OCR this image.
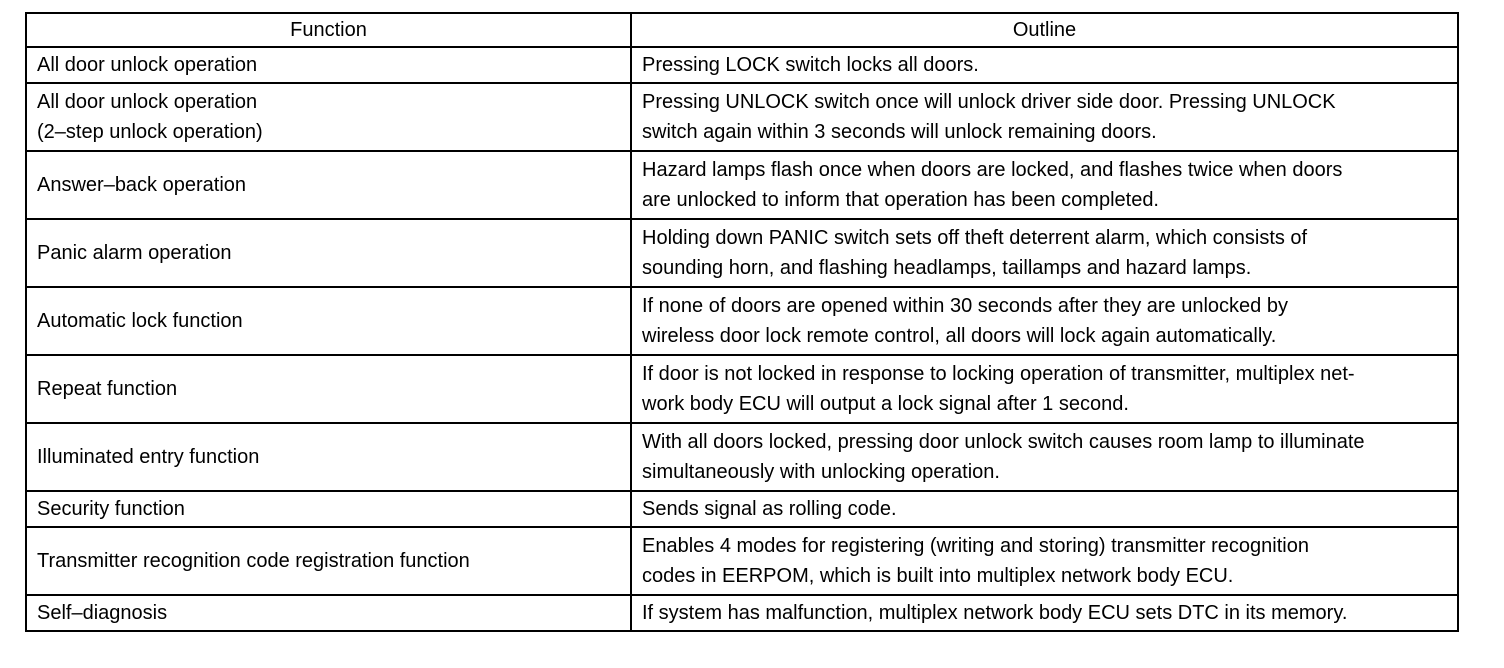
Function	Outline
All door unlock operation	Pressing LOCK switch locks all doors.
All door unlock operation
(2–step unlock operation)	Pressing UNLOCK switch once will unlock driver side door. Pressing UNLOCK
switch again within 3 seconds will unlock remaining doors.
Answer–back operation	Hazard lamps flash once when doors are locked, and flashes twice when doors
are unlocked to inform that operation has been completed.
Panic alarm operation	Holding down PANIC switch sets off theft deterrent alarm, which consists of
sounding horn, and flashing headlamps, taillamps and hazard lamps.
Automatic lock function	If none of doors are opened within 30 seconds after they are unlocked by
wireless door lock remote control, all doors will lock again automatically.
Repeat function	If door is not locked in response to locking operation of transmitter, multiplex net-
work body ECU will output a lock signal after 1 second.
Illuminated entry function	With all doors locked, pressing door unlock switch causes room lamp to illuminate
simultaneously with unlocking operation.
Security function	Sends signal as rolling code.
Transmitter recognition code registration function	Enables 4 modes for registering (writing and storing) transmitter recognition
codes in EERPOM, which is built into multiplex network body ECU.
Self–diagnosis	If system has malfunction, multiplex network body ECU sets DTC in its memory.
